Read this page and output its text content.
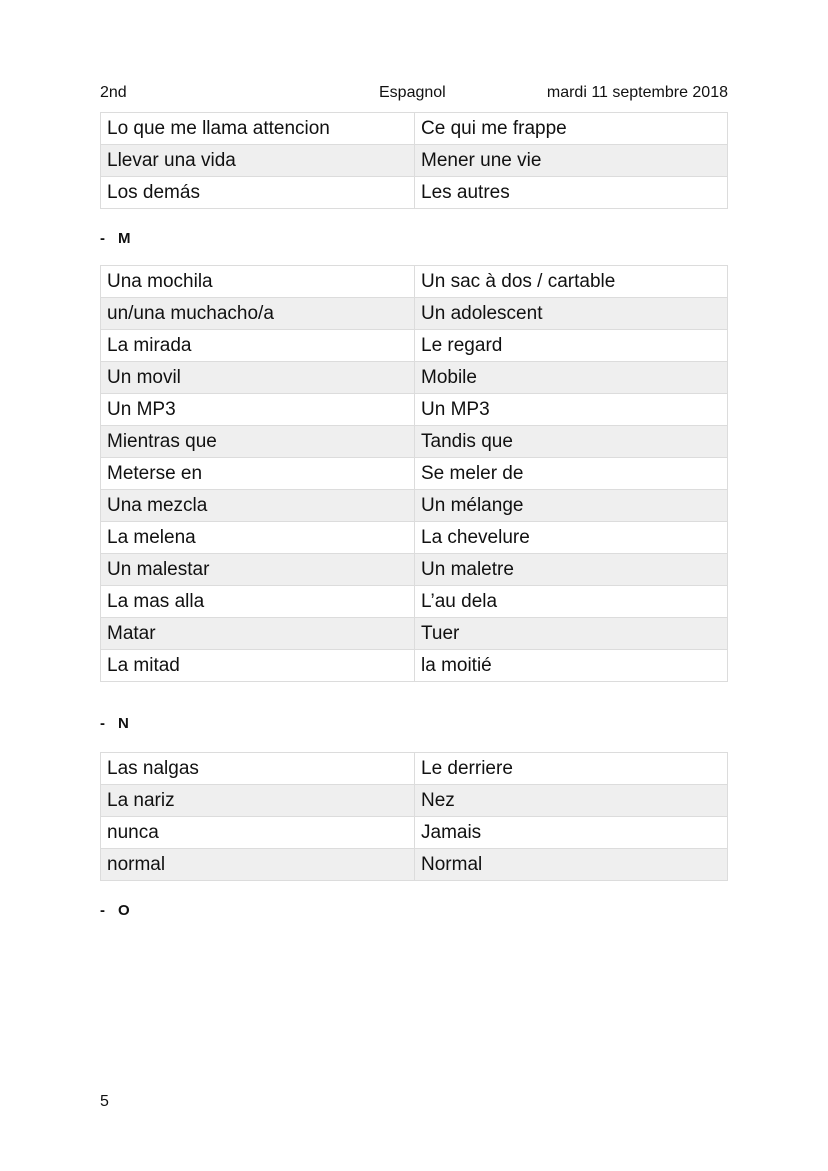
2nd	Espagnol	mardi 11 septembre 2018
Lo que me llama attencion	Ce qui me frappe
Llevar una vida	Mener une vie
Los demás	Les autres
- M
Una mochila	Un sac à dos / cartable
un/una muchacho/a	Un adolescent
La mirada	Le regard
Un movil	Mobile
Un MP3	Un MP3
Mientras que	Tandis que
Meterse en	Se meler de
Una mezcla	Un mélange
La melena	La chevelure
Un malestar	Un maletre
La mas alla	L’au dela
Matar	Tuer
La mitad	la moitié
- N
Las nalgas	Le derriere
La nariz	Nez
nunca	Jamais
normal	Normal
- O
5
